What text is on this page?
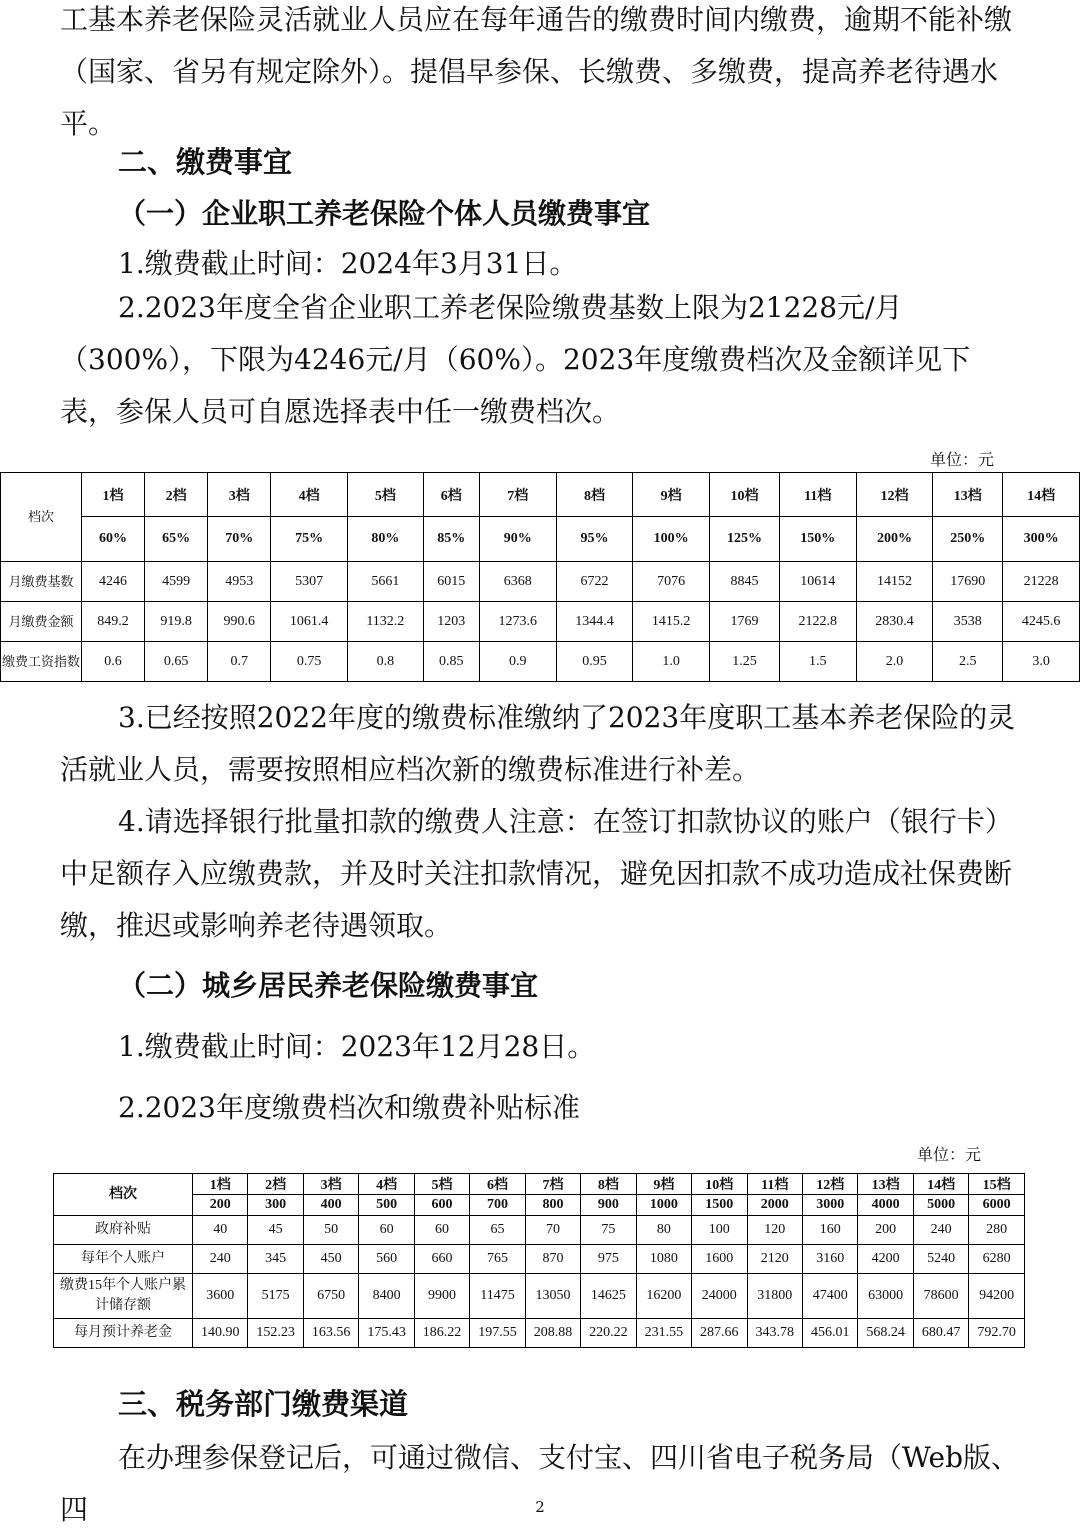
工基本养老保险灵活就业人员应在每年通告的缴费时间内缴费，逾期不能补缴（国家、省另有规定除外）。提倡早参保、长缴费、多缴费，提高养老待遇水平。
二、缴费事宜
（一）企业职工养老保险个体人员缴费事宜
1.缴费截止时间：2024年3月31日。
2.2023年度全省企业职工养老保险缴费基数上限为21228元/月（300%），下限为4246元/月（60%）。2023年度缴费档次及金额详见下表，参保人员可自愿选择表中任一缴费档次。
单位：元
档次	1档	2档	3档	4档	5档	6档	7档	8档	9档	10档	11档	12档	13档	14档
	60%	65%	70%	75%	80%	85%	90%	95%	100%	125%	150%	200%	250%	300%
月缴费基数	4246	4599	4953	5307	5661	6015	6368	6722	7076	8845	10614	14152	17690	21228
月缴费金额	849.2	919.8	990.6	1061.4	1132.2	1203	1273.6	1344.4	1415.2	1769	2122.8	2830.4	3538	4245.6
缴费工资指数	0.6	0.65	0.7	0.75	0.8	0.85	0.9	0.95	1.0	1.25	1.5	2.0	2.5	3.0
3.已经按照2022年度的缴费标准缴纳了2023年度职工基本养老保险的灵活就业人员，需要按照相应档次新的缴费标准进行补差。
4.请选择银行批量扣款的缴费人注意：在签订扣款协议的账户（银行卡）中足额存入应缴费款，并及时关注扣款情况，避免因扣款不成功造成社保费断缴，推迟或影响养老待遇领取。
（二）城乡居民养老保险缴费事宜
1.缴费截止时间：2023年12月28日。
2.2023年度缴费档次和缴费补贴标准
单位：元
档次	1档	2档	3档	4档	5档	6档	7档	8档	9档	10档	11档	12档	13档	14档	15档
	200	300	400	500	600	700	800	900	1000	1500	2000	3000	4000	5000	6000
政府补贴	40	45	50	60	60	65	70	75	80	100	120	160	200	240	280
每年个人账户	240	345	450	560	660	765	870	975	1080	1600	2120	3160	4200	5240	6280
缴费15年个人账户累计储存额	3600	5175	6750	8400	9900	11475	13050	14625	16200	24000	31800	47400	63000	78600	94200
每月预计养老金	140.90	152.23	163.56	175.43	186.22	197.55	208.88	220.22	231.55	287.66	343.78	456.01	568.24	680.47	792.70
三、税务部门缴费渠道
在办理参保登记后，可通过微信、支付宝、四川省电子税务局（Web版、四	2
